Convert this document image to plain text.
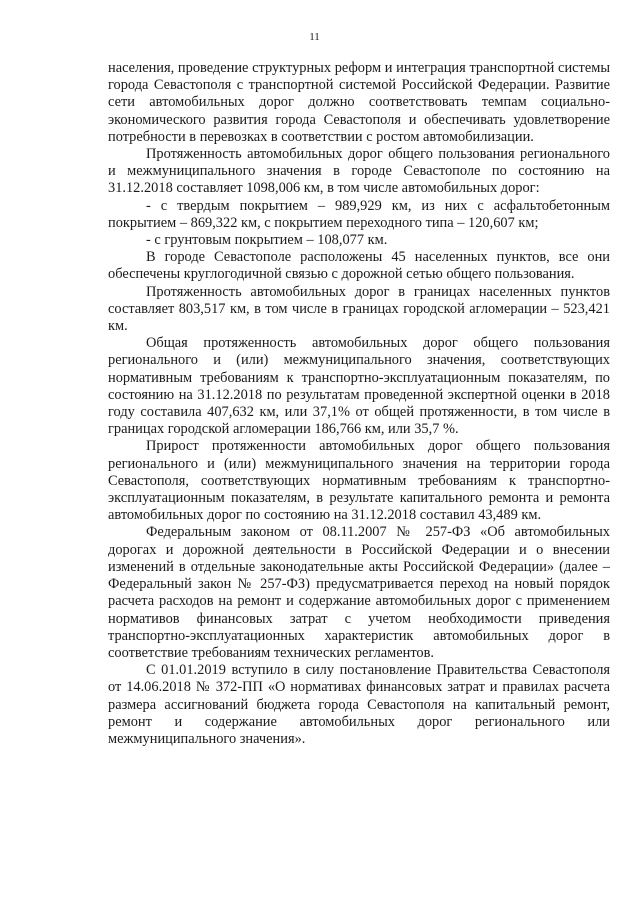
11

населения, проведение структурных реформ и интеграция транспортной системы города Севастополя с транспортной системой Российской Федерации. Развитие сети автомобильных дорог должно соответствовать темпам социально-экономического развития города Севастополя и обеспечивать удовлетворение потребности в перевозках в соответствии с ростом автомобилизации.

Протяженность автомобильных дорог общего пользования регионального и межмуниципального значения в городе Севастополе по состоянию на 31.12.2018 составляет 1098,006 км, в том числе автомобильных дорог:

- с твердым покрытием – 989,929 км, из них с асфальтобетонным покрытием – 869,322 км, с покрытием переходного типа – 120,607 км;

- с грунтовым покрытием – 108,077 км.

В городе Севастополе расположены 45 населенных пунктов, все они обеспечены круглогодичной связью с дорожной сетью общего пользования.

Протяженность автомобильных дорог в границах населенных пунктов составляет 803,517 км, в том числе в границах городской агломерации – 523,421 км.

Общая протяженность автомобильных дорог общего пользования регионального и (или) межмуниципального значения, соответствующих нормативным требованиям к транспортно-эксплуатационным показателям, по состоянию на 31.12.2018 по результатам проведенной экспертной оценки в 2018 году составила 407,632 км, или 37,1% от общей протяженности, в том числе в границах городской агломерации 186,766 км, или 35,7 %.

Прирост протяженности автомобильных дорог общего пользования регионального и (или) межмуниципального значения на территории города Севастополя, соответствующих нормативным требованиям к транспортно-эксплуатационным показателям, в результате капитального ремонта и ремонта автомобильных дорог по состоянию на 31.12.2018 составил 43,489 км.

Федеральным законом от 08.11.2007 № 257-ФЗ «Об автомобильных дорогах и дорожной деятельности в Российской Федерации и о внесении изменений в отдельные законодательные акты Российской Федерации» (далее – Федеральный закон № 257-ФЗ) предусматривается переход на новый порядок расчета расходов на ремонт и содержание автомобильных дорог с применением нормативов финансовых затрат с учетом необходимости приведения транспортно-эксплуатационных характеристик автомобильных дорог в соответствие требованиям технических регламентов.

С 01.01.2019 вступило в силу постановление Правительства Севастополя от 14.06.2018 № 372-ПП «О нормативах финансовых затрат и правилах расчета размера ассигнований бюджета города Севастополя на капитальный ремонт, ремонт и содержание автомобильных дорог регионального или межмуниципального значения».
